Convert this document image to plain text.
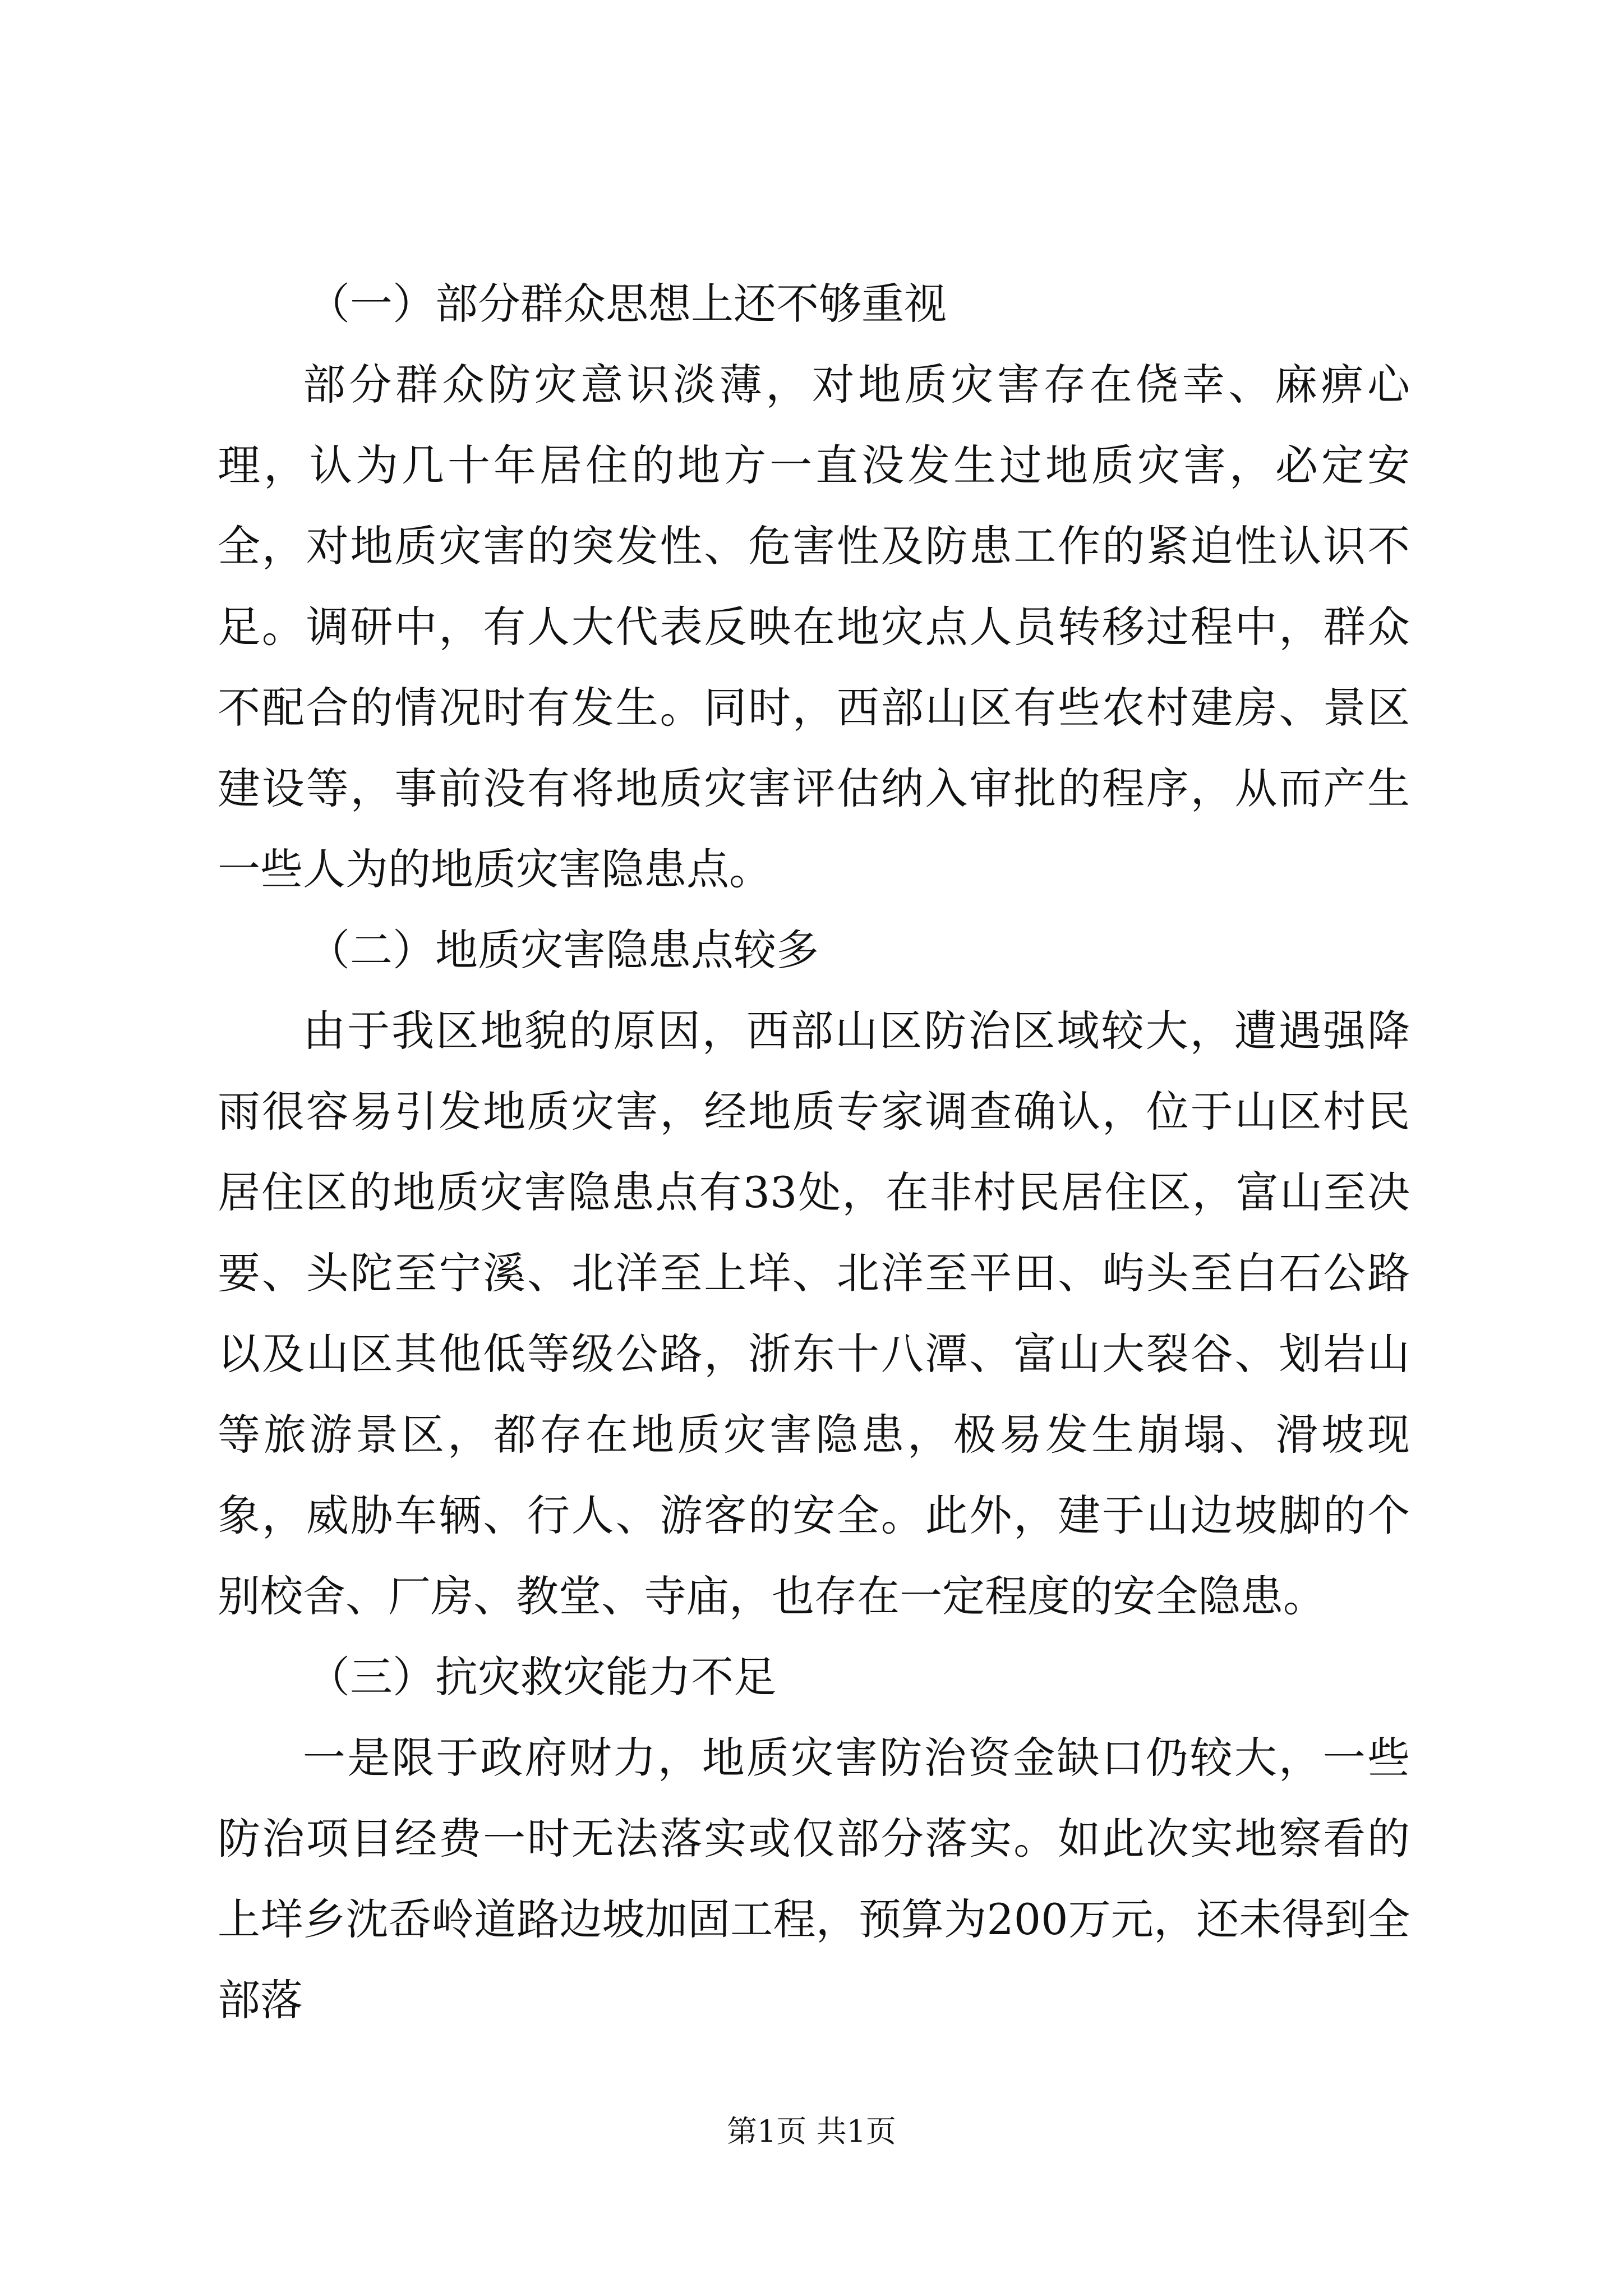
（一）部分群众思想上还不够重视

部分群众防灾意识淡薄，对地质灾害存在侥幸、麻痹心理，认为几十年居住的地方一直没发生过地质灾害，必定安全，对地质灾害的突发性、危害性及防患工作的紧迫性认识不足。调研中，有人大代表反映在地灾点人员转移过程中，群众不配合的情况时有发生。同时，西部山区有些农村建房、景区建设等，事前没有将地质灾害评估纳入审批的程序，从而产生一些人为的地质灾害隐患点。

（二）地质灾害隐患点较多

由于我区地貌的原因，西部山区防治区域较大，遭遇强降雨很容易引发地质灾害，经地质专家调查确认，位于山区村民居住区的地质灾害隐患点有33处，在非村民居住区，富山至决要、头陀至宁溪、北洋至上垟、北洋至平田、屿头至白石公路以及山区其他低等级公路，浙东十八潭、富山大裂谷、划岩山等旅游景区，都存在地质灾害隐患，极易发生崩塌、滑坡现象，威胁车辆、行人、游客的安全。此外，建于山边坡脚的个别校舍、厂房、教堂、寺庙，也存在一定程度的安全隐患。

（三）抗灾救灾能力不足

一是限于政府财力，地质灾害防治资金缺口仍较大，一些防治项目经费一时无法落实或仅部分落实。如此次实地察看的上垟乡沈岙岭道路边坡加固工程，预算为200万元，还未得到全部落

第1页 共1页
